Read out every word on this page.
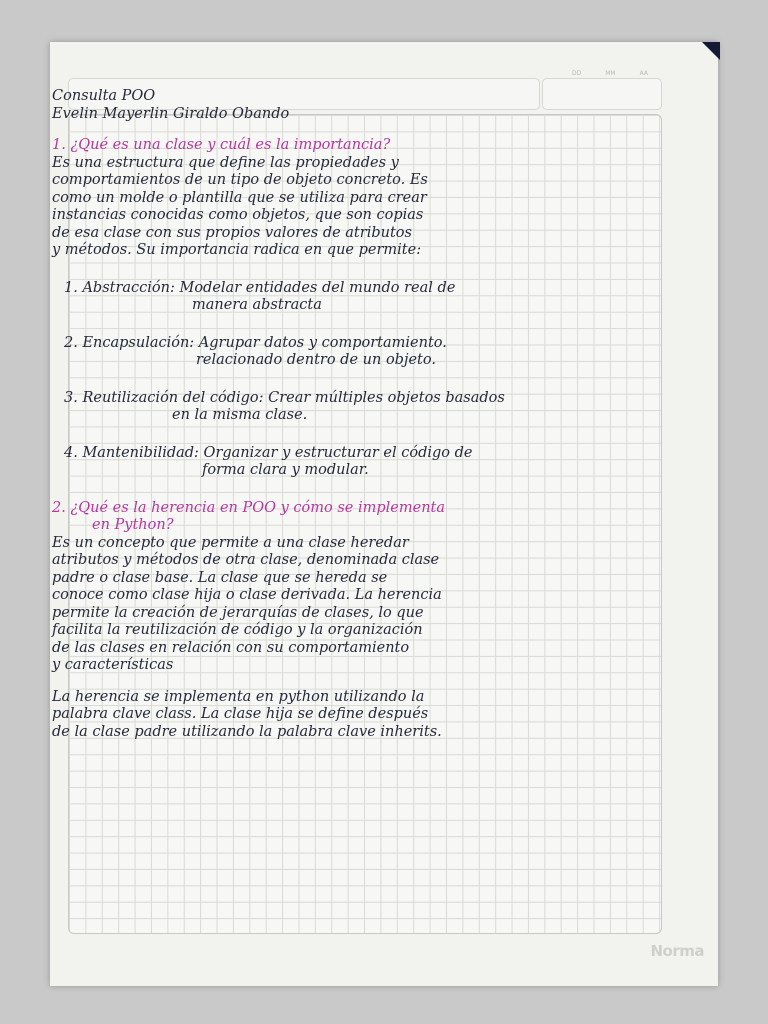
DD	MM	AA
Norma
Consulta POO
Evelin Mayerlin Giraldo Obando
1. ¿Qué es una clase y cuál es la importancia?
Es una estructura que define las propiedades y
comportamientos de un tipo de objeto concreto. Es
como un molde o plantilla que se utiliza para crear
instancias conocidas como objetos, que son copias
de esa clase con sus propios valores de atributos
y métodos. Su importancia radica en que permite:
1. Abstracción: Modelar entidades del mundo real de
manera abstracta
2. Encapsulación: Agrupar datos y comportamiento.
relacionado dentro de un objeto.
3. Reutilización del código: Crear múltiples objetos basados
en la misma clase.
4. Mantenibilidad: Organizar y estructurar el código de
forma clara y modular.
2. ¿Qué es la herencia en POO y cómo se implementa
en Python?
Es un concepto que permite a una clase heredar
atributos y métodos de otra clase, denominada clase
padre o clase base. La clase que se hereda se
conoce como clase hija o clase derivada. La herencia
permite la creación de jerarquías de clases, lo que
facilita la reutilización de código y la organización
de las clases en relación con su comportamiento
y características
La herencia se implementa en python utilizando la
palabra clave class. La clase hija se define después
de la clase padre utilizando la palabra clave inherits.
